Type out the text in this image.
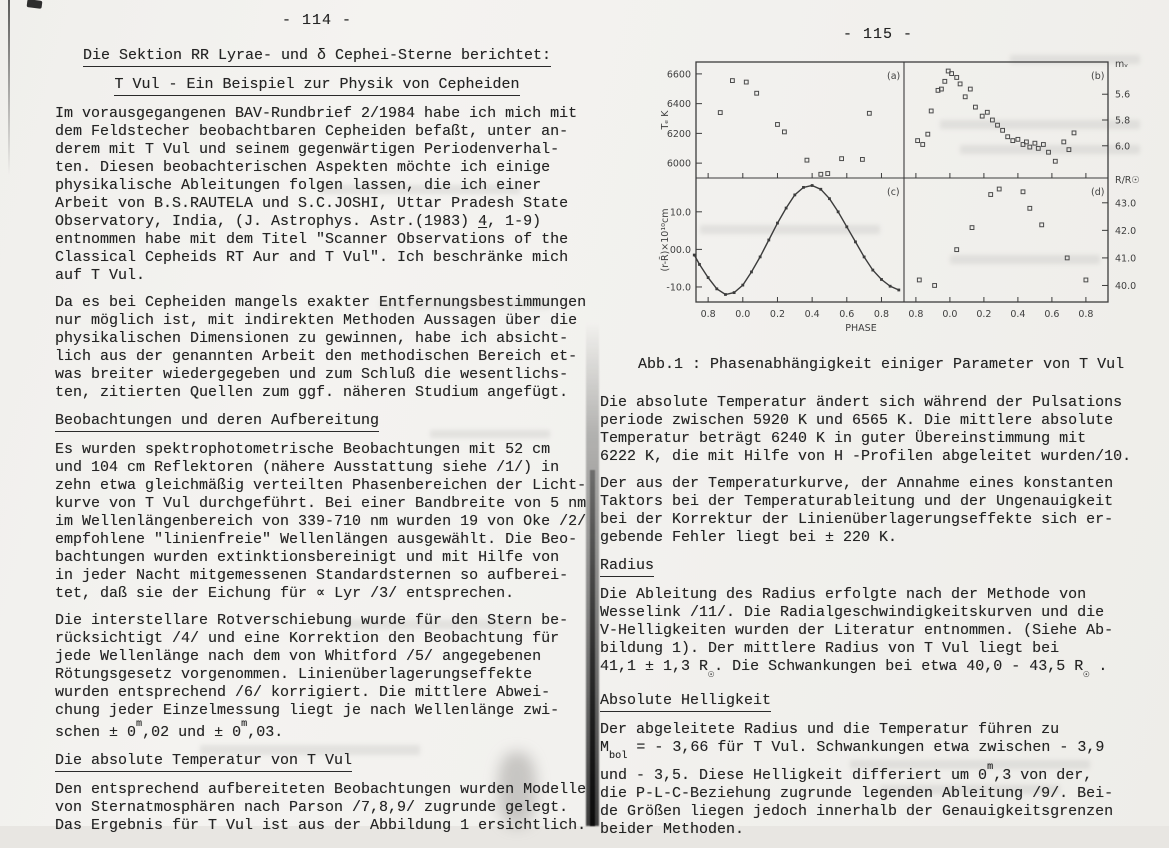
- 114 -
Die Sektion RR Lyrae- und δ Cephei-Sterne berichtet:
T Vul - Ein Beispiel zur Physik von Cepheiden
Im vorausgegangenen BAV-Rundbrief 2/1984 habe ich mich mit
dem Feldstecher beobachtbaren Cepheiden befaßt, unter an-
derem mit T Vul und seinem gegenwärtigen Periodenverhal-
ten. Diesen beobachterischen Aspekten möchte ich einige
physikalische Ableitungen folgen lassen, die ich einer
Arbeit von B.S.RAUTELA und S.C.JOSHI, Uttar Pradesh State
Observatory, India, (J. Astrophys. Astr.(1983) 4, 1-9)
entnommen habe mit dem Titel "Scanner Observations of the
Classical Cepheids RT Aur and T Vul". Ich beschränke mich
auf T Vul.
Da es bei Cepheiden mangels exakter Entfernungsbestimmungen
nur möglich ist, mit indirekten Methoden Aussagen über die
physikalischen Dimensionen zu gewinnen, habe ich absicht-
lich aus der genannten Arbeit den methodischen Bereich et-
was breiter wiedergegeben und zum Schluß die wesentlichs-
ten, zitierten Quellen zum ggf. näheren Studium angefügt.
Beobachtungen und deren Aufbereitung
Es wurden spektrophotometrische Beobachtungen mit 52 cm
und 104 cm Reflektoren (nähere Ausstattung siehe /1/) in
zehn etwa gleichmäßig verteilten Phasenbereichen der Licht-
kurve von T Vul durchgeführt. Bei einer Bandbreite von 5 nm
im Wellenlängenbereich von 339-710 nm wurden 19 von Oke /2/
empfohlene "linienfreie" Wellenlängen ausgewählt. Die Beo-
bachtungen wurden extinktionsbereinigt und mit Hilfe von
in jeder Nacht mitgemessenen Standardsternen so aufberei-
tet, daß sie der Eichung für ∝ Lyr /3/ entsprechen.
Die interstellare Rotverschiebung wurde für den Stern be-
rücksichtigt /4/ und eine Korrektion den Beobachtung für
jede Wellenlänge nach dem von Whitford /5/ angegebenen
Rötungsgesetz vorgenommen. Linienüberlagerungseffekte
wurden entsprechend /6/ korrigiert. Die mittlere Abwei-
chung jeder Einzelmessung liegt je nach Wellenlänge zwi-
schen ± $0^m,02$ und ± $0^m,03$.
Die absolute Temperatur von T Vul
Den entsprechend aufbereiteten Beobachtungen wurden Modelle
von Sternatmosphären nach Parson /7,8,9/ zugrunde gelegt.
Das Ergebnis für T Vul ist aus der Abbildung 1 ersichtlich.
- 115 -
0.8	0.8
0.0	0.0
0.2	0.2
0.4	0.4
0.6	0.6
0.8	0.8
PHASE
6600
6400
6200
6000
(a)
Tₑ K
5.6
5.8
6.0
(b)
mᵥ
10.0
00.0
-10.0
(c)
(r-R̄)×10¹⁰cm
43.0
42.0
41.0
40.0
(d)
R/R☉
Abb.1 : Phasenabhängigkeit einiger Parameter von T Vul
Die absolute Temperatur ändert sich während der Pulsations
periode zwischen 5920 K und 6565 K. Die mittlere absolute
Temperatur beträgt 6240 K in guter Übereinstimmung mit
6222 K, die mit Hilfe von H -Profilen abgeleitet wurden/10.
Der aus der Temperaturkurve, der Annahme eines konstanten
Taktors bei der Temperaturableitung und der Ungenauigkeit
bei der Korrektur der Linienüberlagerungseffekte sich er-
gebende Fehler liegt bei ± 220 K.
Radius
Die Ableitung des Radius erfolgte nach der Methode von
Wesselink /11/. Die Radialgeschwindigkeitskurven und die
V-Helligkeiten wurden der Literatur entnommen. (Siehe Ab-
bildung 1). Der mittlere Radius von T Vul liegt bei
41,1 ± 1,3 $R_☉$. Die Schwankungen bei etwa 40,0 - 43,5 $R_☉$ .
Absolute Helligkeit
Der abgeleitete Radius und die Temperatur führen zu
$M_{bol}$ = - 3,66 für T Vul. Schwankungen etwa zwischen - 3,9
und - 3,5. Diese Helligkeit differiert um 0$^m$,3 von der,
die P-L-C-Beziehung zugrunde legenden Ableitung /9/. Bei-
de Größen liegen jedoch innerhalb der Genauigkeitsgrenzen
beider Methoden.
